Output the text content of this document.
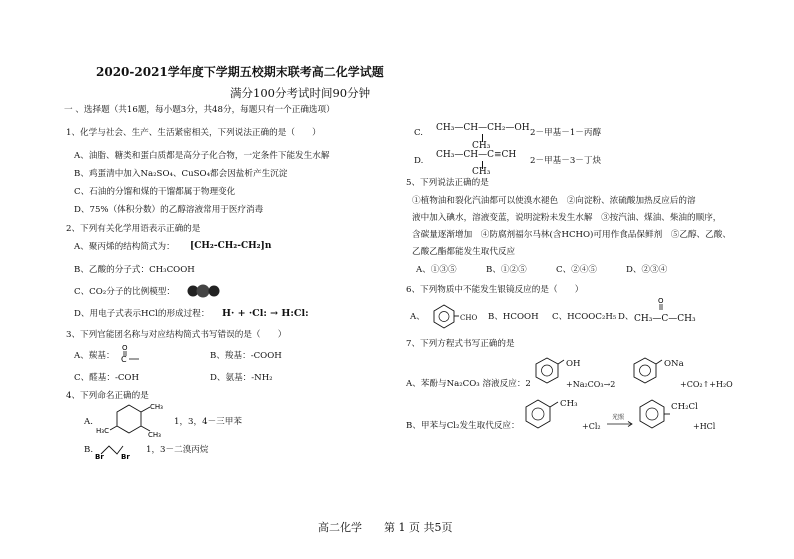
2020-2021学年度下学期五校期末联考高二化学试题
满分100分考试时间90分钟
一 、选择题（共16题，每小题3分，共48分，每题只有一个正确选项）
1、化学与社会、生产、生活紧密相关，下列说法正确的是（　　）
A、油脂、糖类和蛋白质都是高分子化合物，一定条件下能发生水解
B、鸡蛋清中加入Na₂SO₄、CuSO₄都会因盐析产生沉淀
C、石油的分馏和煤的干馏都属于物理变化
D、75%（体积分数）的乙醇溶液常用于医疗消毒
2、下列有关化学用语表示正确的是
A、聚丙烯的结构简式为： [CH₂-CH₂-CH₂]n
B、乙酸的分子式：CH₃COOH
C、CO₂分子的比例模型：
D、用电子式表示HCl的形成过程： H· + ·Cl: → H:Cl:
3、下列官能团名称与对应结构简式书写错误的是（　　）
A、羰基：
O
C	B、羧基：-COOH
C、醛基：-COH	D、氨基：-NH₂
4、下列命名正确的是
A.
CH₃
CH₃
H₃C
1，3，4－三甲苯
B.
Br Br
1，3－二溴丙烷
C. CH₃—CH—CH₂—OH
CH₃
2－甲基－1－丙醇
D.
CH₃—CH—C≡CH
CH₃
2－甲基－3－丁炔
5、下列说法正确的是
①植物油和裂化汽油都可以使溴水褪色　②向淀粉、浓硫酸加热反应后的溶
液中加入碘水，溶液变蓝，说明淀粉未发生水解　③按汽油、煤油、柴油的顺序，
含碳量逐渐增加　④防腐剂福尔马林(含HCHO)可用作食品保鲜剂　⑤乙醇、乙酸、
乙酸乙酯都能发生取代反应
A、①③⑤	B、①②⑤	C、②④⑤	D、②③④
6、下列物质中不能发生银镜反应的是（　　）
A、	CHO B、HCOOH C、HCOOC₂H₅ D、
O
CH₃—C—CH₃
7、下列方程式书写正确的是
A、苯酚与Na₂CO₃ 溶液反应：2
OH
+Na₂CO₃→2
ONa
+CO₂↑+H₂O
B、甲苯与Cl₂发生取代反应：
CH₃
+Cl₂
光照
CH₂Cl
+HCl
高二化学 第 1 页 共5页
